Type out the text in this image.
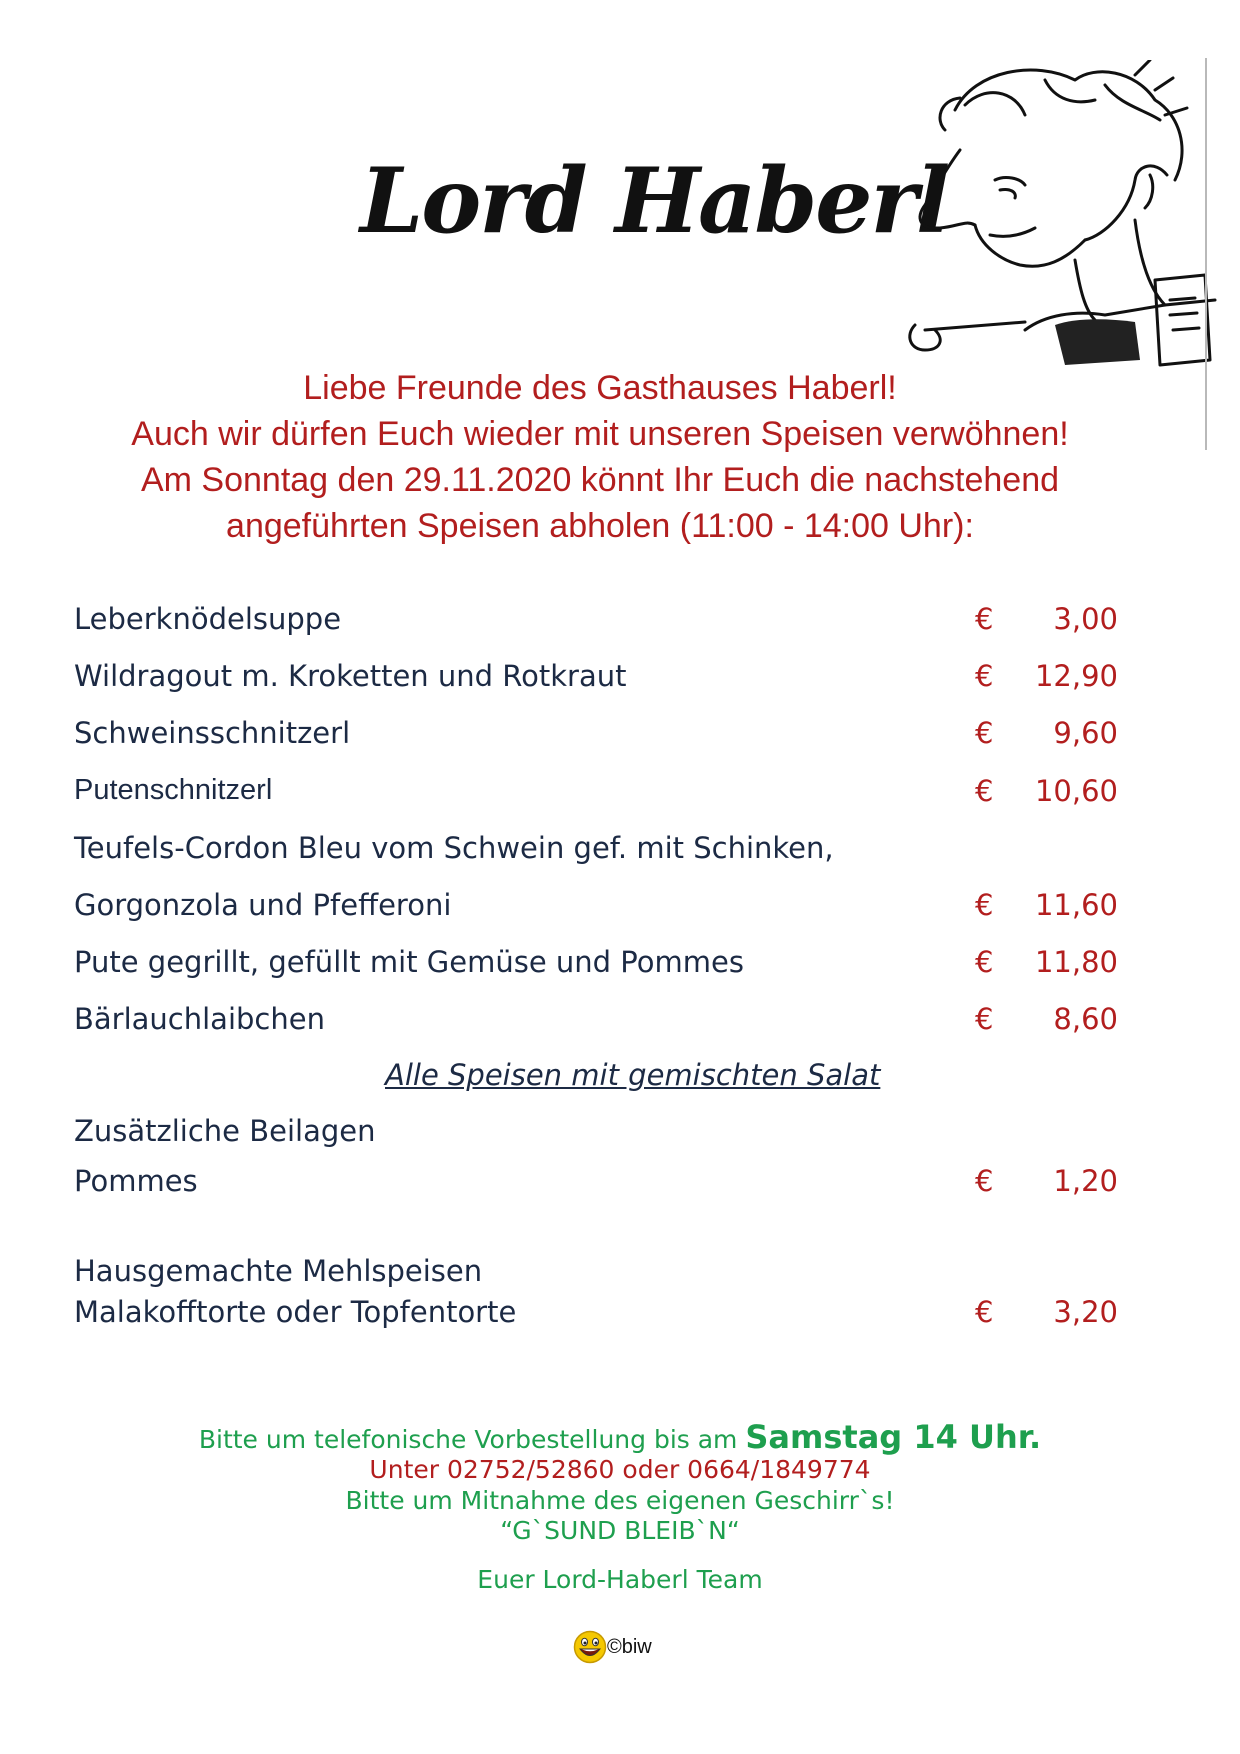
Lord Haberl
Liebe Freunde des Gasthauses Haberl!
Auch wir dürfen Euch wieder mit unseren Speisen verwöhnen!
Am Sonntag den 29.11.2020 könnt Ihr Euch die nachstehend
angeführten Speisen abholen (11:00 - 14:00 Uhr):
Leberknödelsuppe	€	3,00
Wildragout m. Kroketten und Rotkraut	€	12,90
Schweinsschnitzerl	€	9,60
Putenschnitzerl	€	10,60
Teufels-Cordon Bleu vom Schwein gef. mit Schinken,
Gorgonzola und Pfefferoni	€	11,60
Pute gegrillt, gefüllt mit Gemüse und Pommes	€	11,80
Bärlauchlaibchen	€	8,60
Alle Speisen mit gemischten Salat
Zusätzliche Beilagen
Pommes	€	1,20
Hausgemachte Mehlspeisen
Malakofftorte oder Topfentorte	€	3,20
Bitte um telefonische Vorbestellung bis am Samstag 14 Uhr.
Unter 02752/52860 oder 0664/1849774
Bitte um Mitnahme des eigenen Geschirr`s!
“G`SUND BLEIB`N“
Euer Lord-Haberl Team
©biw
